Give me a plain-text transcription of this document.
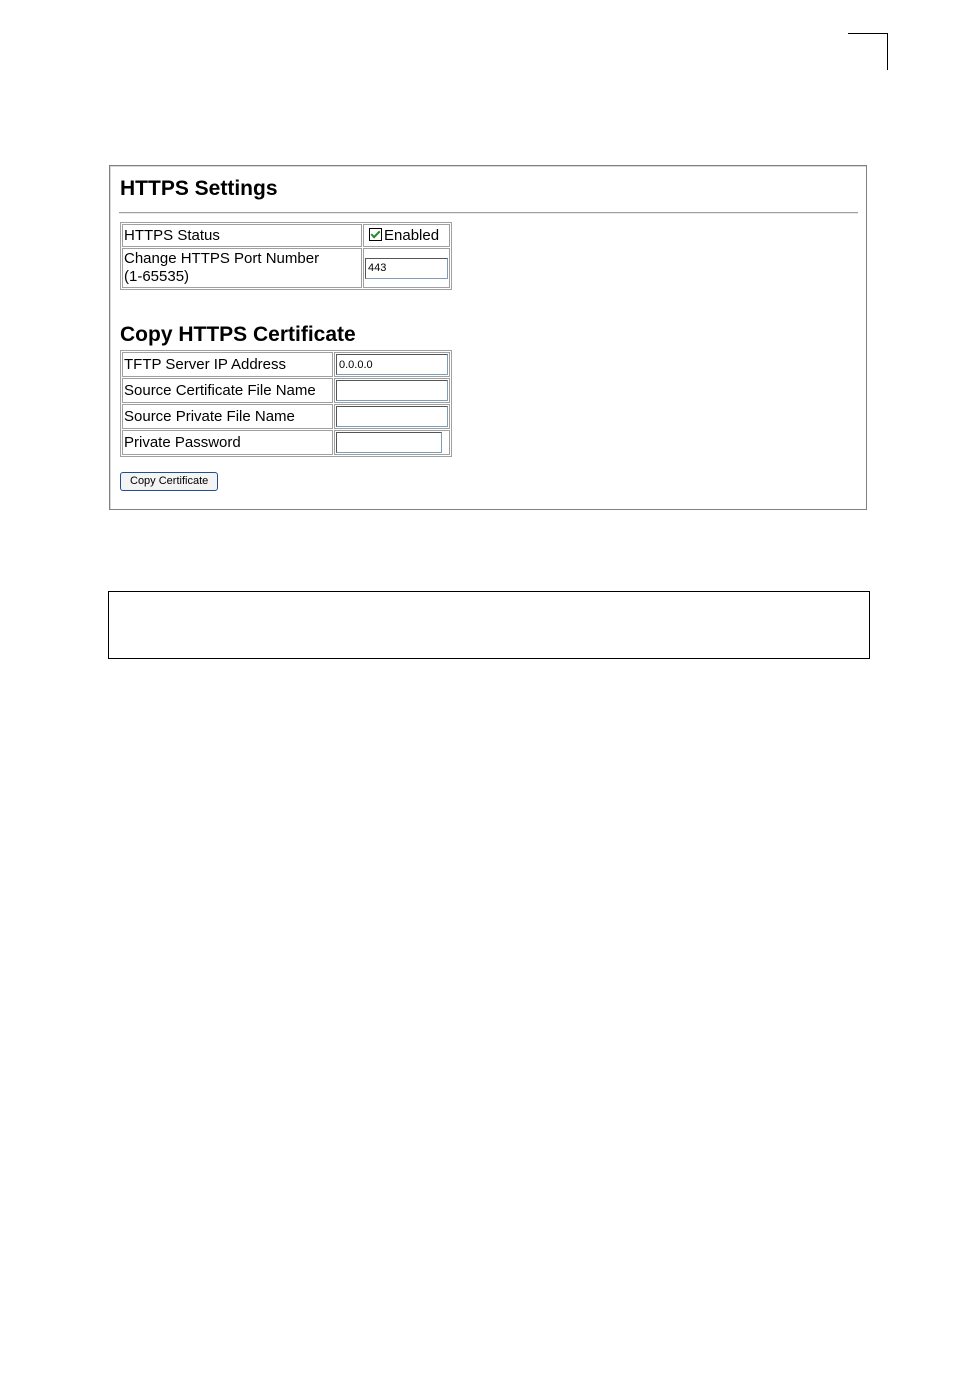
HTTPS Settings
HTTPS Status	Enabled
Change HTTPS Port Number
(1-65535)	443
Copy HTTPS Certificate
TFTP Server IP Address	0.0.0.0
Source Certificate File Name	
Source Private File Name	
Private Password	
Copy Certificate
